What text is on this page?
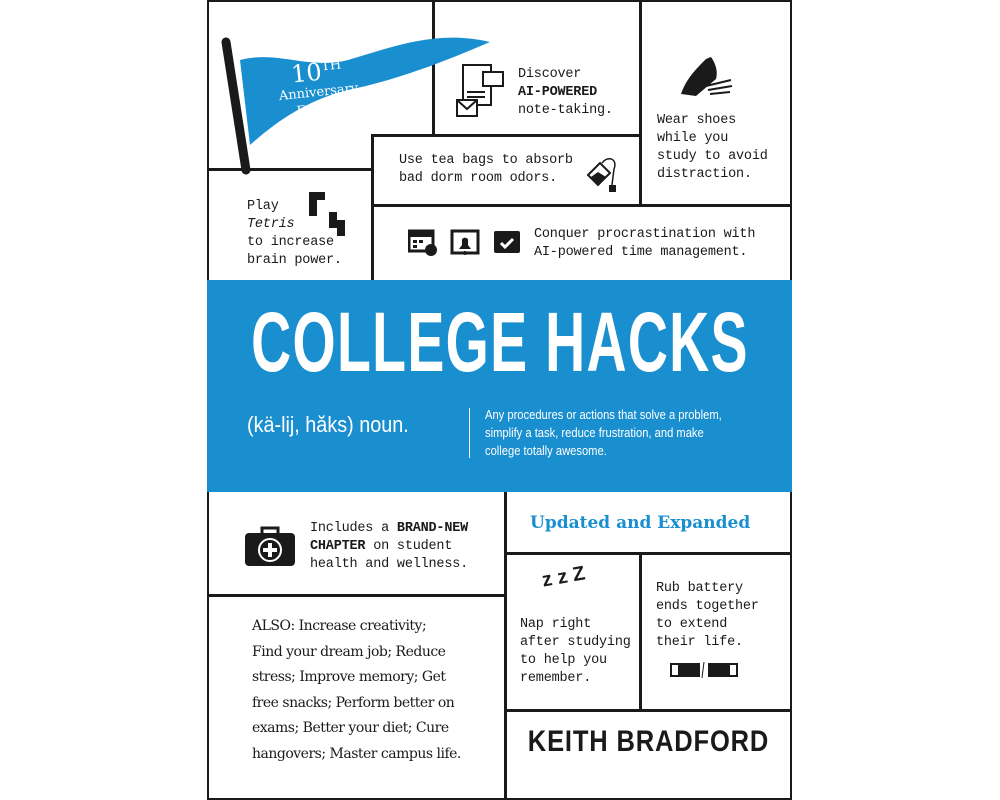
10TH
Anniversary
Edition
Discover
AI-POWERED
note-taking.
Wear shoes
while you
study to avoid
distraction.
Use tea bags to absorb
bad dorm room odors.
Play
Tetris
to increase
brain power.
Conquer procrastination with
AI-powered time management.
COLLEGE HACKS
(kä-lij, hăks) noun.	Any procedures or actions that solve a problem,
simplify a task, reduce frustration, and make
college totally awesome.
Includes a BRAND-NEW
CHAPTER on student
health and wellness.
Updated and Expanded
z z Z
Nap right
after studying
to help you
remember.
Rub battery
ends together
to extend
their life.
ALSO: Increase creativity;
Find your dream job; Reduce
stress; Improve memory; Get
free snacks; Perform better on
exams; Better your diet; Cure
hangovers; Master campus life. KEITH BRADFORD
